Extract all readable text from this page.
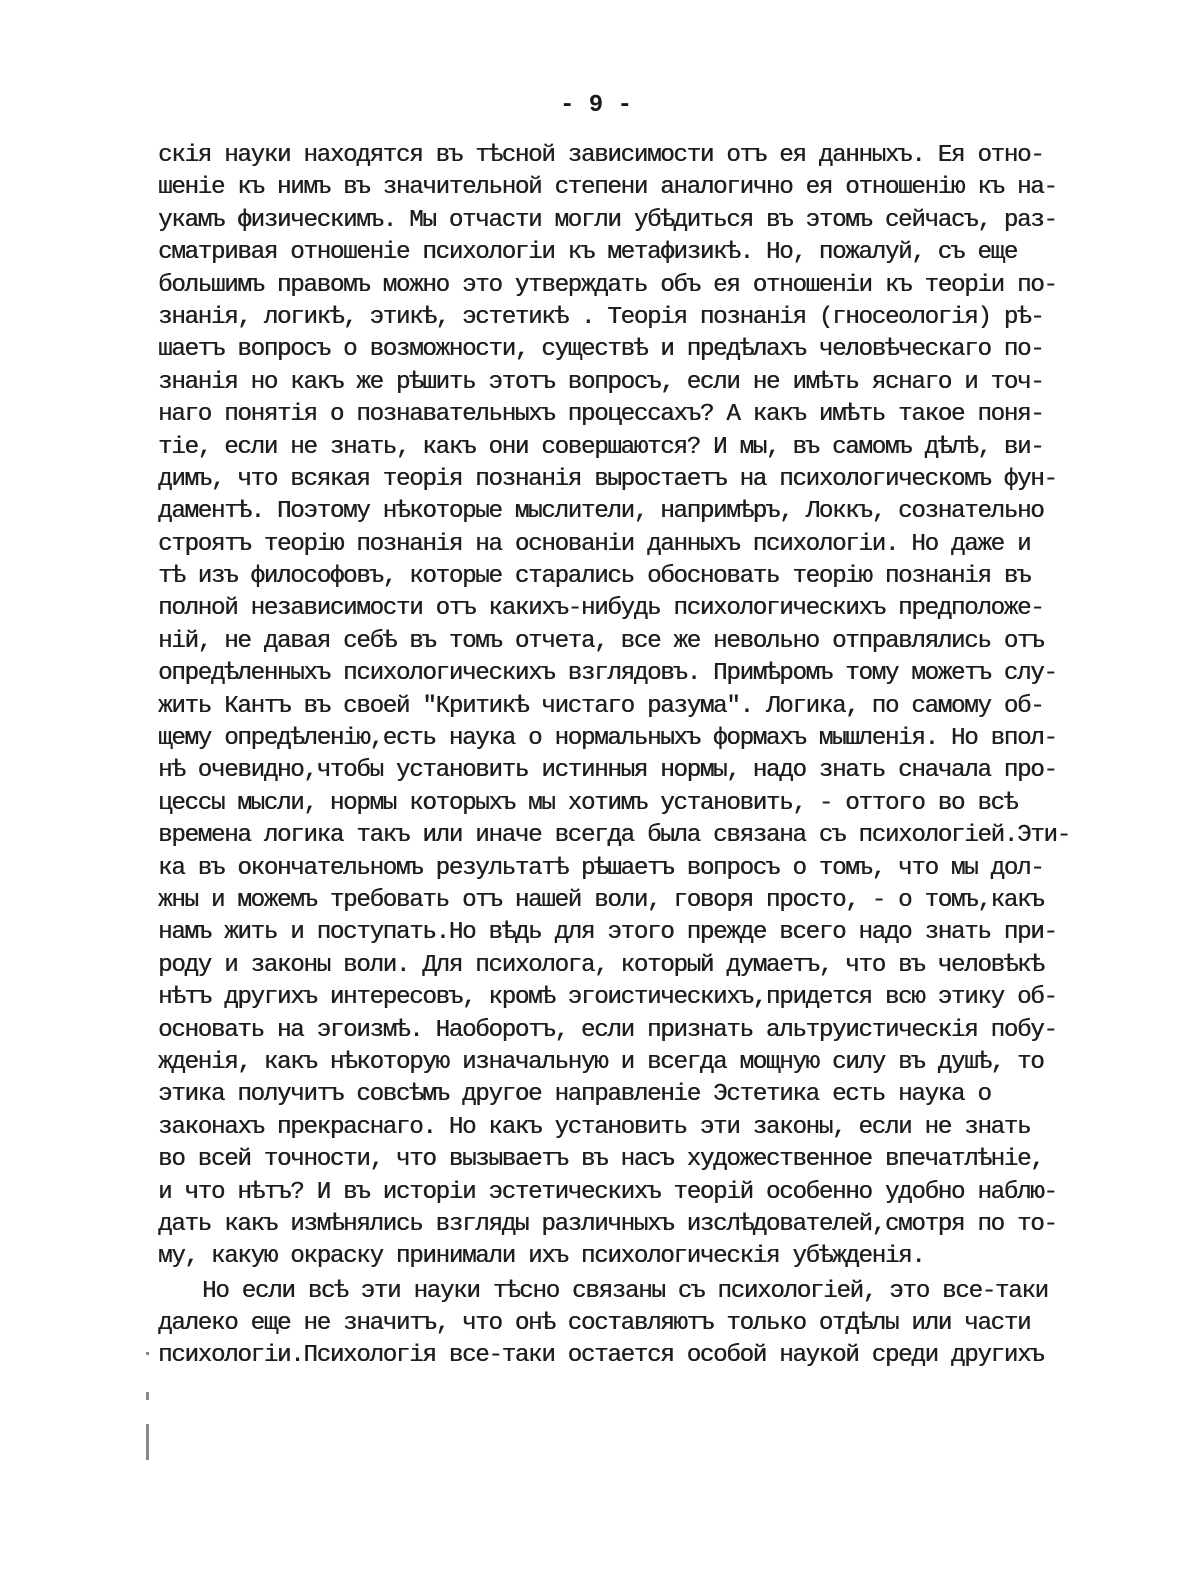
- 9 -
скія науки находятся въ тѣсной зависимости отъ ея данныхъ. Ея отно-
шеніе къ нимъ въ значительной степени аналогично ея отношенію къ на-
укамъ физическимъ. Мы отчасти могли убѣдиться въ этомъ сейчасъ, раз-
сматривая отношеніе психологіи къ метафизикѣ. Но, пожалуй, съ еще
большимъ правомъ можно это утверждать объ ея отношеніи къ теоріи по-
знанія, логикѣ, этикѣ, эстетикѣ . Теорія познанія (гносеологія) рѣ-
шаетъ вопросъ о возможности, существѣ и предѣлахъ человѣческаго по-
знанія но какъ же рѣшить этотъ вопросъ, если не имѣть яснаго и точ-
наго понятія о познавательныхъ процессахъ? А какъ имѣть такое поня-
тіе, если не знать, какъ они совершаются? И мы, въ самомъ дѣлѣ, ви-
димъ, что всякая теорія познанія выростаетъ на психологическомъ фун-
даментѣ. Поэтому нѣкоторые мыслители, напримѣръ, Локкъ, сознательно
строятъ теорію познанія на основаніи данныхъ психологіи. Но даже и
тѣ изъ философовъ, которые старались обосновать теорію познанія въ
полной независимости отъ какихъ-нибудь психологическихъ предположе-
ній, не давая себѣ въ томъ отчета, все же невольно отправлялись отъ
опредѣленныхъ психологическихъ взглядовъ. Примѣромъ тому можетъ слу-
жить Кантъ въ своей "Критикѣ чистаго разума". Логика, по самому об-
щему опредѣленію,есть наука о нормальныхъ формахъ мышленія. Но впол-
нѣ очевидно,чтобы установить истинныя нормы, надо знать сначала про-
цессы мысли, нормы которыхъ мы хотимъ установить, - оттого во всѣ
времена логика такъ или иначе всегда была связана съ психологіей.Эти-
ка въ окончательномъ результатѣ рѣшаетъ вопросъ о томъ, что мы дол-
жны и можемъ требовать отъ нашей воли, говоря просто, - о томъ,какъ
намъ жить и поступать.Но вѣдь для этого прежде всего надо знать при-
роду и законы воли. Для психолога, который думаетъ, что въ человѣкѣ
нѣтъ другихъ интересовъ, кромѣ эгоистическихъ,придется всю этику об-
основать на эгоизмѣ. Наоборотъ, если признать альтруистическія побу-
жденія, какъ нѣкоторую изначальную и всегда мощную силу въ душѣ, то
этика получитъ совсѣмъ другое направленіе Эстетика есть наука о
законахъ прекраснаго. Но какъ установить эти законы, если не знать
во всей точности, что вызываетъ въ насъ художественное впечатлѣніе,
и что нѣтъ? И въ исторіи эстетическихъ теорій особенно удобно наблю-
дать какъ измѣнялись взгляды различныхъ изслѣдователей,смотря по то-
му, какую окраску принимали ихъ психологическія убѣжденія.
Но если всѣ эти науки тѣсно связаны съ психологіей, это все-таки
далеко еще не значитъ, что онѣ составляютъ только отдѣлы или части
психологіи.Психологія все-таки остается особой наукой среди другихъ
